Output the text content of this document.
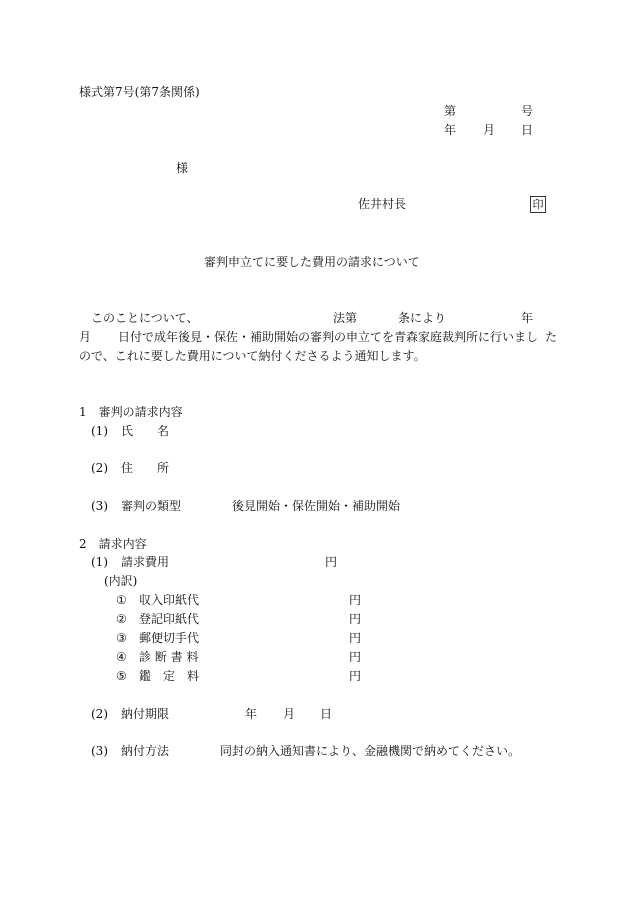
様式第7号(第7条関係)
第	号
年 月 日
様
佐井村長	印
審判申立てに要した費用の請求について
このことについて、	法第	条により	年
月 日付で成年後見・保佐・補助開始の審判の申立てを青森家庭裁判所に行いまし た
ので、これに要した費用について納付くださるよう通知します。
1　審判の請求内容
(1) 氏　　名
(2) 住　　所
(3) 審判の類型	後見開始・保佐開始・補助開始
2　請求内容
(1) 請求費用	円
(内訳)
① 収入印紙代	円
② 登記印紙代	円
③ 郵便切手代	円
④ 診 断 書 料	円
⑤ 鑑　定　料	円
(2) 納付期限	年 月 日
(3) 納付方法	同封の納入通知書により、金融機関で納めてください。
